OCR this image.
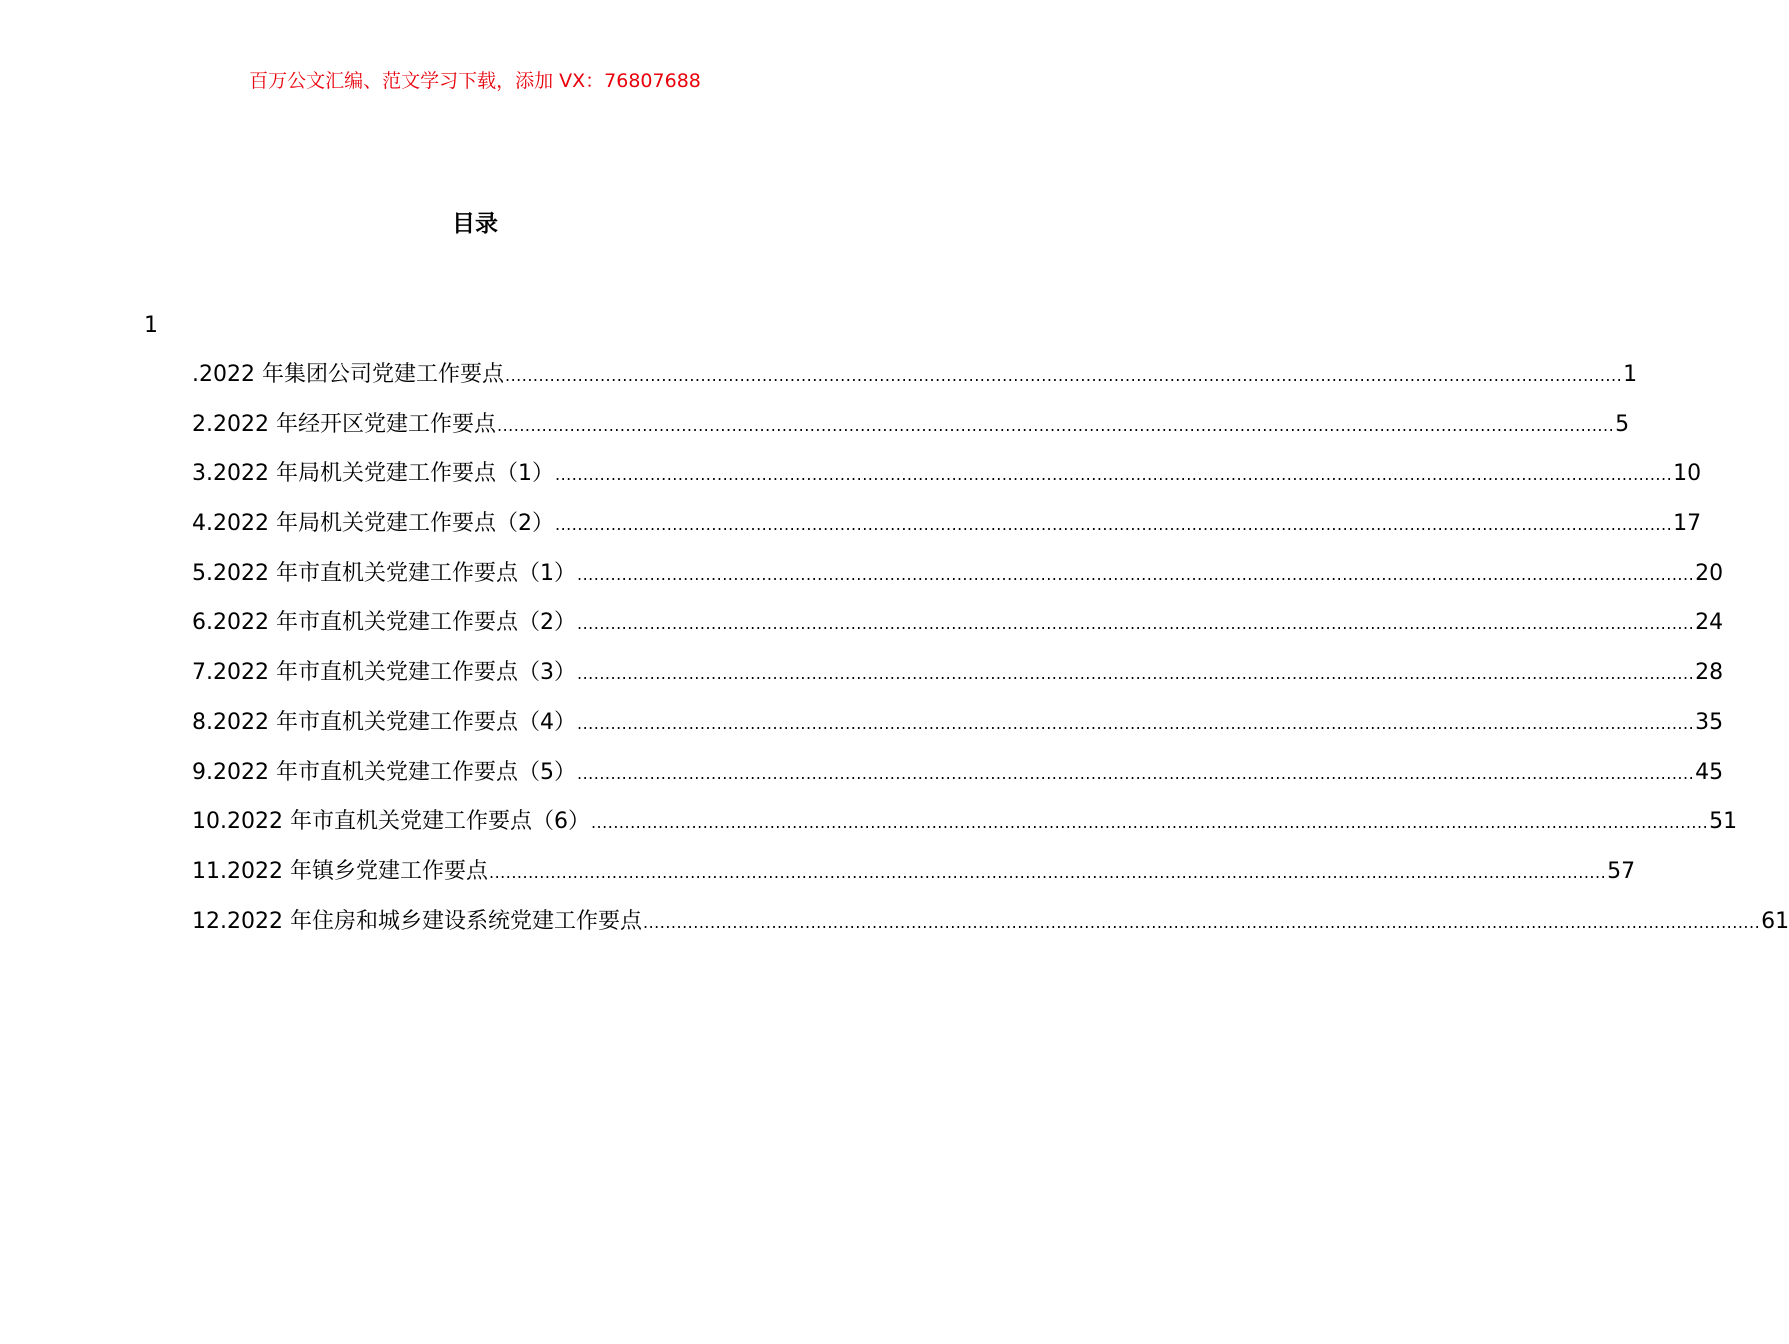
百万公文汇编、范文学习下载，添加 VX：76807688
目录
1
.2022 年集团公司党建工作要点 ........................................................................................................................................................................................................ 1
2.2022 年经开区党建工作要点 ........................................................................................................................................................................................................ 5
3.2022 年局机关党建工作要点（1） ........................................................................................................................................................................................................ 10
4.2022 年局机关党建工作要点（2） ........................................................................................................................................................................................................ 17
5.2022 年市直机关党建工作要点（1） ........................................................................................................................................................................................................ 20
6.2022 年市直机关党建工作要点（2） ........................................................................................................................................................................................................ 24
7.2022 年市直机关党建工作要点（3） ........................................................................................................................................................................................................ 28
8.2022 年市直机关党建工作要点（4） ........................................................................................................................................................................................................ 35
9.2022 年市直机关党建工作要点（5） ........................................................................................................................................................................................................ 45
10.2022 年市直机关党建工作要点（6） ........................................................................................................................................................................................................ 51
11.2022 年镇乡党建工作要点 ........................................................................................................................................................................................................ 57
12.2022 年住房和城乡建设系统党建工作要点 ........................................................................................................................................................................................................ 61
